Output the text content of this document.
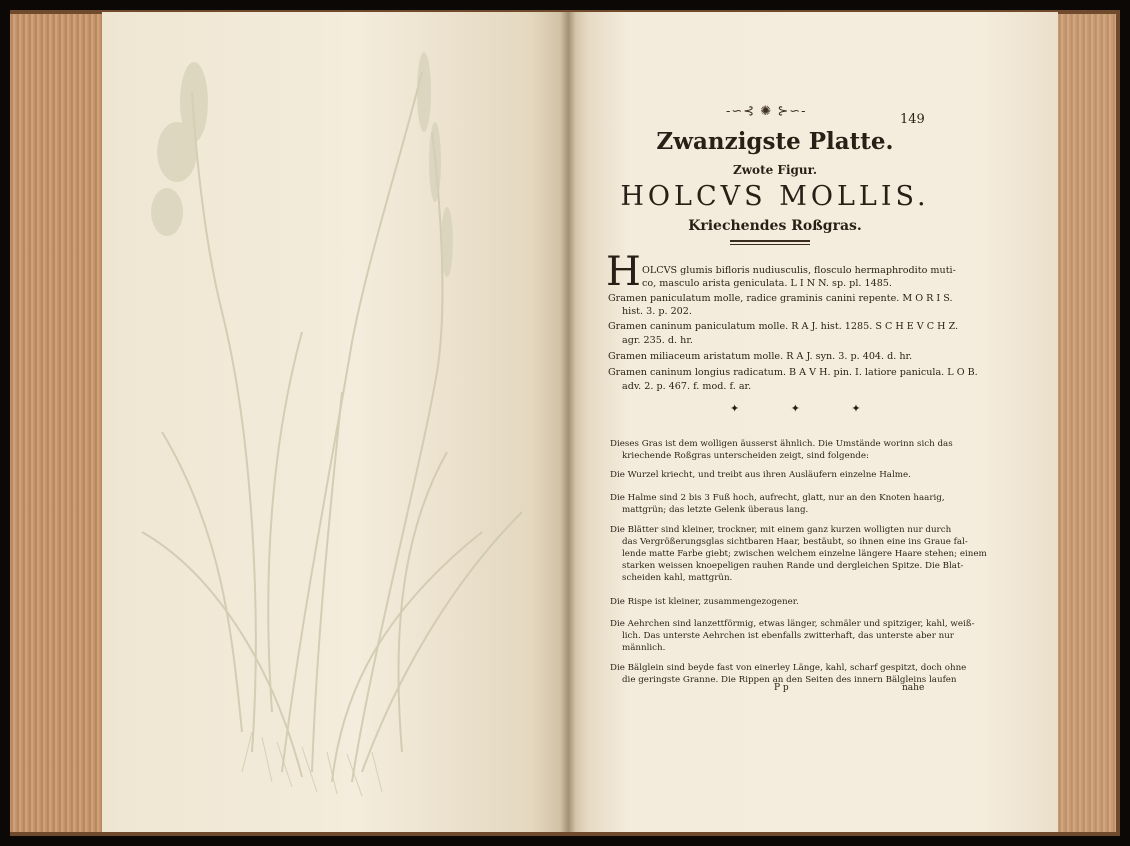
-∽⊰ ✺ ⊱∽-
149
Zwanzigste Platte.
Zwote Figur.
HOLCVS MOLLIS.
Kriechendes Roßgras.
H OLCVS glumis bifloris nudiusculis, flosculo hermaphrodito muti-
co, masculo arista geniculata. L I N N. sp. pl. 1485.
Gramen paniculatum molle, radice graminis canini repente. M O R I S.
hist. 3. p. 202.
Gramen caninum paniculatum molle. R A J. hist. 1285. S C H E V C H Z.
agr. 235. d. hr.
Gramen miliaceum aristatum molle. R A J. syn. 3. p. 404. d. hr.
Gramen caninum longius radicatum. B A V H. pin. I. latiore panicula. L O B.
adv. 2. p. 467. f. mod. f. ar.
✦ ✦ ✦
Dieses Gras ist dem wolligen äusserst ähnlich. Die Umstände worinn sich das
kriechende Roßgras unterscheiden zeigt, sind folgende:
Die Wurzel kriecht, und treibt aus ihren Ausläufern einzelne Halme.
Die Halme sind 2 bis 3 Fuß hoch, aufrecht, glatt, nur an den Knoten haarig,
mattgrün; das letzte Gelenk überaus lang.
Die Blätter sind kleiner, trockner, mit einem ganz kurzen wolligten nur durch
das Vergrößerungsglas sichtbaren Haar, bestäubt, so ihnen eine ins Graue fal-
lende matte Farbe giebt; zwischen welchem einzelne längere Haare stehen; einem
starken weissen knoepeligen rauhen Rande und dergleichen Spitze. Die Blat-
scheiden kahl, mattgrün.
Die Rispe ist kleiner, zusammengezogener.
Die Aehrchen sind lanzettförmig, etwas länger, schmäler und spitziger, kahl, weiß-
lich. Das unterste Aehrchen ist ebenfalls zwitterhaft, das unterste aber nur
männlich.
Die Bälglein sind beyde fast von einerley Länge, kahl, scharf gespitzt, doch ohne
die geringste Granne. Die Rippen an den Seiten des innern Bälgleins laufen
P p	nahe
